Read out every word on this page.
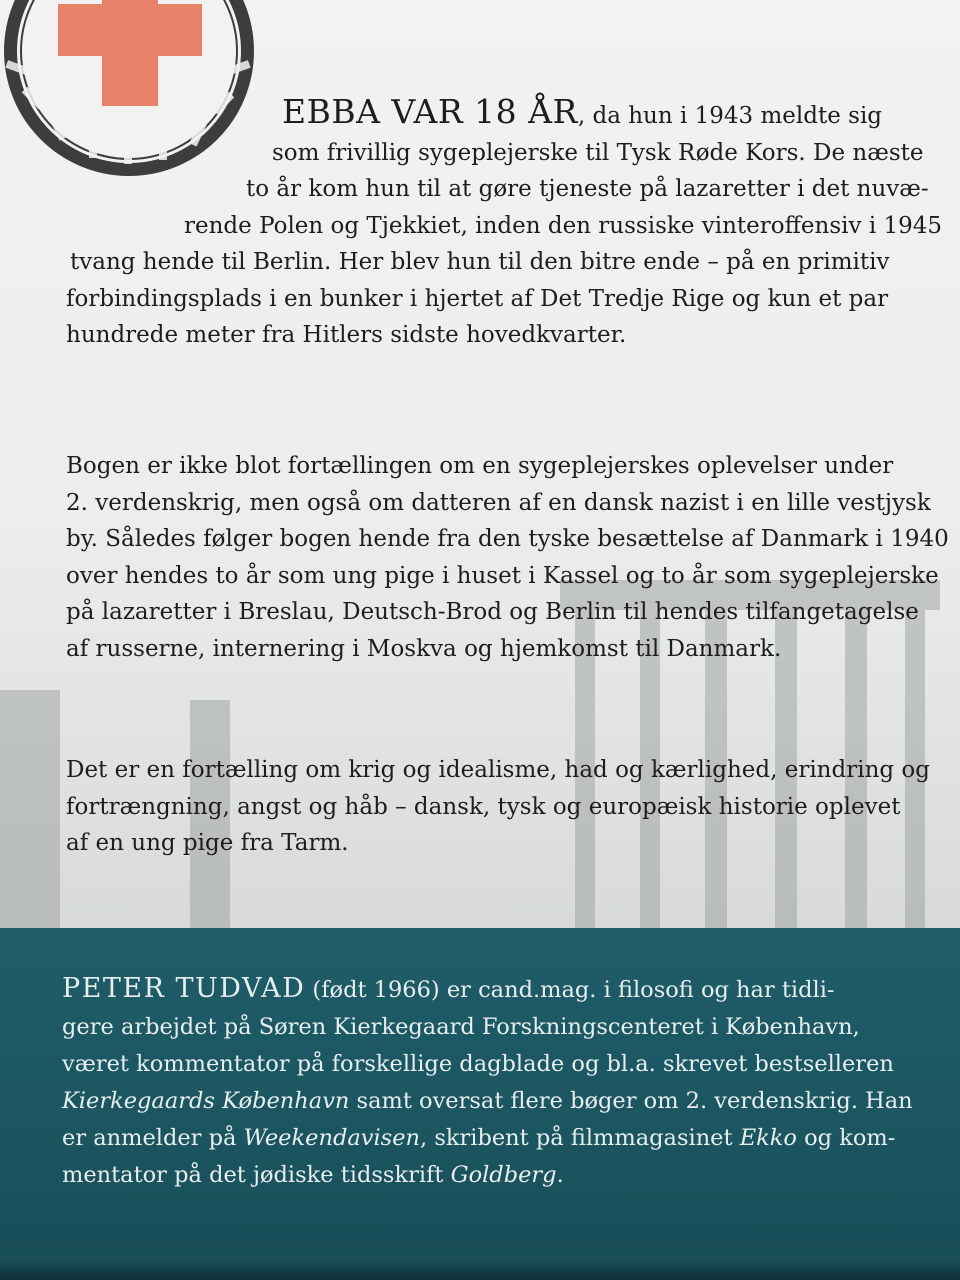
EBBA VAR 18 ÅR, da hun i 1943 meldte sig
som frivillig sygeplejerske til Tysk Røde Kors. De næste
to år kom hun til at gøre tjeneste på lazaretter i det nuvæ-
rende Polen og Tjekkiet, inden den russiske vinteroffensiv i 1945
tvang hende til Berlin. Her blev hun til den bitre ende – på en primitiv
forbindingsplads i en bunker i hjertet af Det Tredje Rige og kun et par
hundrede meter fra Hitlers sidste hovedkvarter.
Bogen er ikke blot fortællingen om en sygeplejerskes oplevelser under
2. verdenskrig, men også om datteren af en dansk nazist i en lille vestjysk
by. Således følger bogen hende fra den tyske besættelse af Danmark i 1940
over hendes to år som ung pige i huset i Kassel og to år som sygeplejerske
på lazaretter i Breslau, Deutsch-Brod og Berlin til hendes tilfangetagelse
af russerne, internering i Moskva og hjemkomst til Danmark.
Det er en fortælling om krig og idealisme, had og kærlighed, erindring og
fortrængning, angst og håb – dansk, tysk og europæisk historie oplevet
af en ung pige fra Tarm.
PETER TUDVAD (født 1966) er cand.mag. i filosofi og har tidli-
gere arbejdet på Søren Kierkegaard Forskningscenteret i København,
været kommentator på forskellige dagblade og bl.a. skrevet bestselleren
Kierkegaards København samt oversat flere bøger om 2. verdenskrig. Han
er anmelder på Weekendavisen, skribent på filmmagasinet Ekko og kom-
mentator på det jødiske tidsskrift Goldberg.
